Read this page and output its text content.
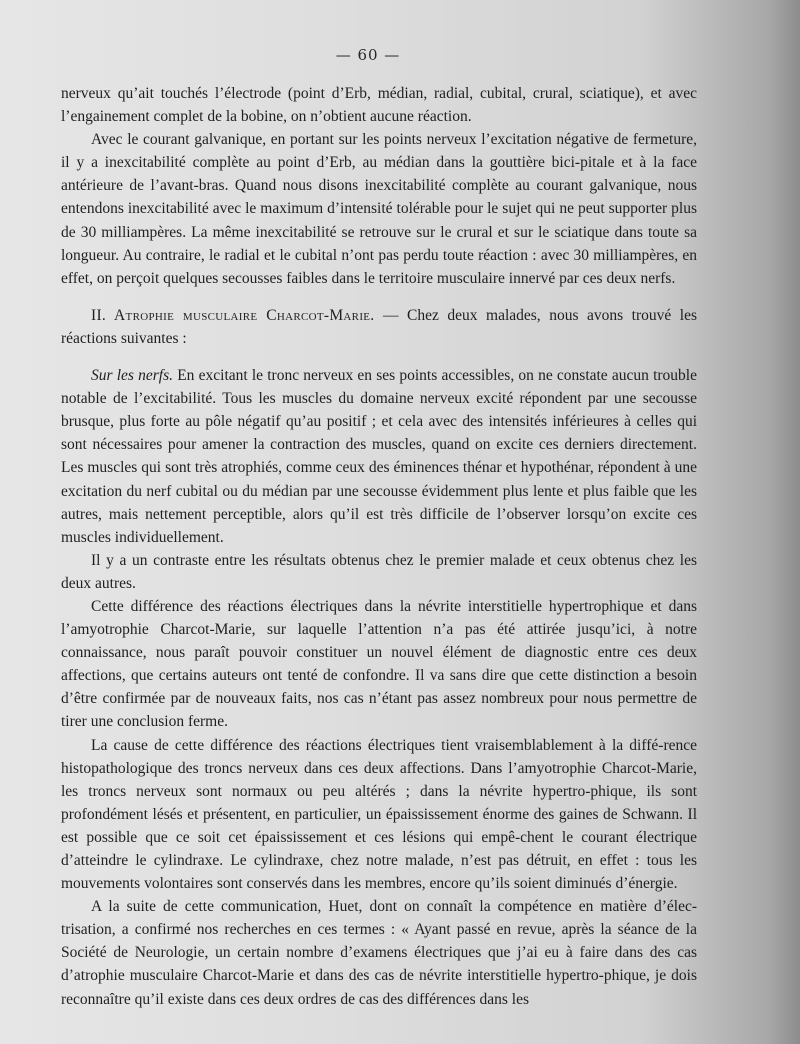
— 60 —

nerveux qu’ait touchés l’électrode (point d’Erb, médian, radial, cubital, crural, sciatique), et avec l’engainement complet de la bobine, on n’obtient aucune réaction.

Avec le courant galvanique, en portant sur les points nerveux l’excitation négative de fermeture, il y a inexcitabilité complète au point d’Erb, au médian dans la gouttière bici-pitale et à la face antérieure de l’avant-bras. Quand nous disons inexcitabilité complète au courant galvanique, nous entendons inexcitabilité avec le maximum d’intensité tolérable pour le sujet qui ne peut supporter plus de 30 milliampères. La même inexcitabilité se retrouve sur le crural et sur le sciatique dans toute sa longueur. Au contraire, le radial et le cubital n’ont pas perdu toute réaction : avec 30 milliampères, en effet, on perçoit quelques secousses faibles dans le territoire musculaire innervé par ces deux nerfs.

II. Atrophie musculaire Charcot-Marie. — Chez deux malades, nous avons trouvé les réactions suivantes :

Sur les nerfs. En excitant le tronc nerveux en ses points accessibles, on ne constate aucun trouble notable de l’excitabilité. Tous les muscles du domaine nerveux excité répondent par une secousse brusque, plus forte au pôle négatif qu’au positif ; et cela avec des intensités inférieures à celles qui sont nécessaires pour amener la contraction des muscles, quand on excite ces derniers directement. Les muscles qui sont très atrophiés, comme ceux des éminences thénar et hypothénar, répondent à une excitation du nerf cubital ou du médian par une secousse évidemment plus lente et plus faible que les autres, mais nettement perceptible, alors qu’il est très difficile de l’observer lorsqu’on excite ces muscles individuellement.

Il y a un contraste entre les résultats obtenus chez le premier malade et ceux obtenus chez les deux autres.

Cette différence des réactions électriques dans la névrite interstitielle hypertrophique et dans l’amyotrophie Charcot-Marie, sur laquelle l’attention n’a pas été attirée jusqu’ici, à notre connaissance, nous paraît pouvoir constituer un nouvel élément de diagnostic entre ces deux affections, que certains auteurs ont tenté de confondre. Il va sans dire que cette distinction a besoin d’être confirmée par de nouveaux faits, nos cas n’étant pas assez nombreux pour nous permettre de tirer une conclusion ferme.

La cause de cette différence des réactions électriques tient vraisemblablement à la diffé-rence histopathologique des troncs nerveux dans ces deux affections. Dans l’amyotrophie Charcot-Marie, les troncs nerveux sont normaux ou peu altérés ; dans la névrite hypertro-phique, ils sont profondément lésés et présentent, en particulier, un épaississement énorme des gaines de Schwann. Il est possible que ce soit cet épaississement et ces lésions qui empê-chent le courant électrique d’atteindre le cylindraxe. Le cylindraxe, chez notre malade, n’est pas détruit, en effet : tous les mouvements volontaires sont conservés dans les membres, encore qu’ils soient diminués d’énergie.

A la suite de cette communication, Huet, dont on connaît la compétence en matière d’élec-trisation, a confirmé nos recherches en ces termes : « Ayant passé en revue, après la séance de la Société de Neurologie, un certain nombre d’examens électriques que j’ai eu à faire dans des cas d’atrophie musculaire Charcot-Marie et dans des cas de névrite interstitielle hypertro-phique, je dois reconnaître qu’il existe dans ces deux ordres de cas des différences dans les
